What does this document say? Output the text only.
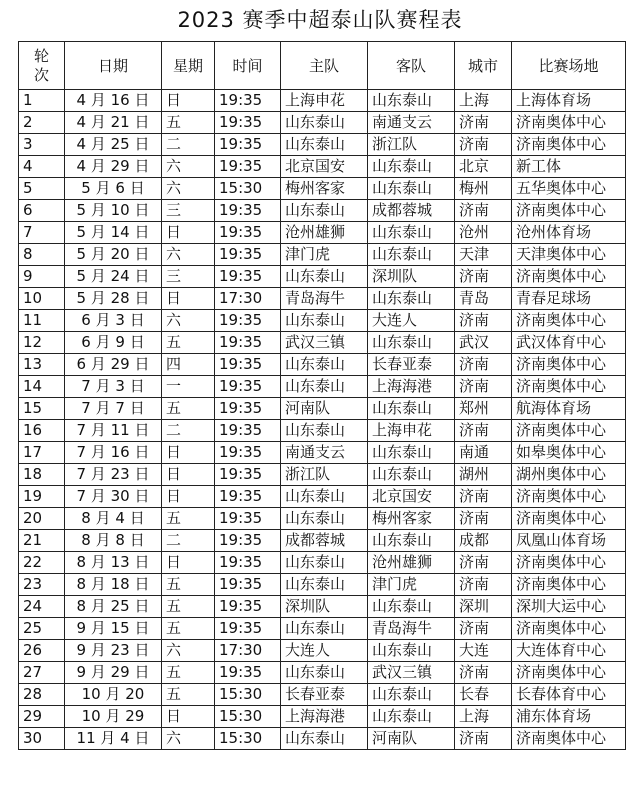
2023 赛季中超泰山队赛程表
轮
次	日期	星期	时间	主队	客队	城市	比赛场地
1	4 月 16 日	日	19:35	上海申花	山东泰山	上海	上海体育场
2	4 月 21 日	五	19:35	山东泰山	南通支云	济南	济南奥体中心
3	4 月 25 日	二	19:35	山东泰山	浙江队	济南	济南奥体中心
4	4 月 29 日	六	19:35	北京国安	山东泰山	北京	新工体
5	5 月 6 日	六	15:30	梅州客家	山东泰山	梅州	五华奥体中心
6	5 月 10 日	三	19:35	山东泰山	成都蓉城	济南	济南奥体中心
7	5 月 14 日	日	19:35	沧州雄狮	山东泰山	沧州	沧州体育场
8	5 月 20 日	六	19:35	津门虎	山东泰山	天津	天津奥体中心
9	5 月 24 日	三	19:35	山东泰山	深圳队	济南	济南奥体中心
10	5 月 28 日	日	17:30	青岛海牛	山东泰山	青岛	青春足球场
11	6 月 3 日	六	19:35	山东泰山	大连人	济南	济南奥体中心
12	6 月 9 日	五	19:35	武汉三镇	山东泰山	武汉	武汉体育中心
13	6 月 29 日	四	19:35	山东泰山	长春亚泰	济南	济南奥体中心
14	7 月 3 日	一	19:35	山东泰山	上海海港	济南	济南奥体中心
15	7 月 7 日	五	19:35	河南队	山东泰山	郑州	航海体育场
16	7 月 11 日	二	19:35	山东泰山	上海申花	济南	济南奥体中心
17	7 月 16 日	日	19:35	南通支云	山东泰山	南通	如皋奥体中心
18	7 月 23 日	日	19:35	浙江队	山东泰山	湖州	湖州奥体中心
19	7 月 30 日	日	19:35	山东泰山	北京国安	济南	济南奥体中心
20	8 月 4 日	五	19:35	山东泰山	梅州客家	济南	济南奥体中心
21	8 月 8 日	二	19:35	成都蓉城	山东泰山	成都	凤凰山体育场
22	8 月 13 日	日	19:35	山东泰山	沧州雄狮	济南	济南奥体中心
23	8 月 18 日	五	19:35	山东泰山	津门虎	济南	济南奥体中心
24	8 月 25 日	五	19:35	深圳队	山东泰山	深圳	深圳大运中心
25	9 月 15 日	五	19:35	山东泰山	青岛海牛	济南	济南奥体中心
26	9 月 23 日	六	17:30	大连人	山东泰山	大连	大连体育中心
27	9 月 29 日	五	19:35	山东泰山	武汉三镇	济南	济南奥体中心
28	10 月 20	五	15:30	长春亚泰	山东泰山	长春	长春体育中心
29	10 月 29	日	15:30	上海海港	山东泰山	上海	浦东体育场
30	11 月 4 日	六	15:30	山东泰山	河南队	济南	济南奥体中心
